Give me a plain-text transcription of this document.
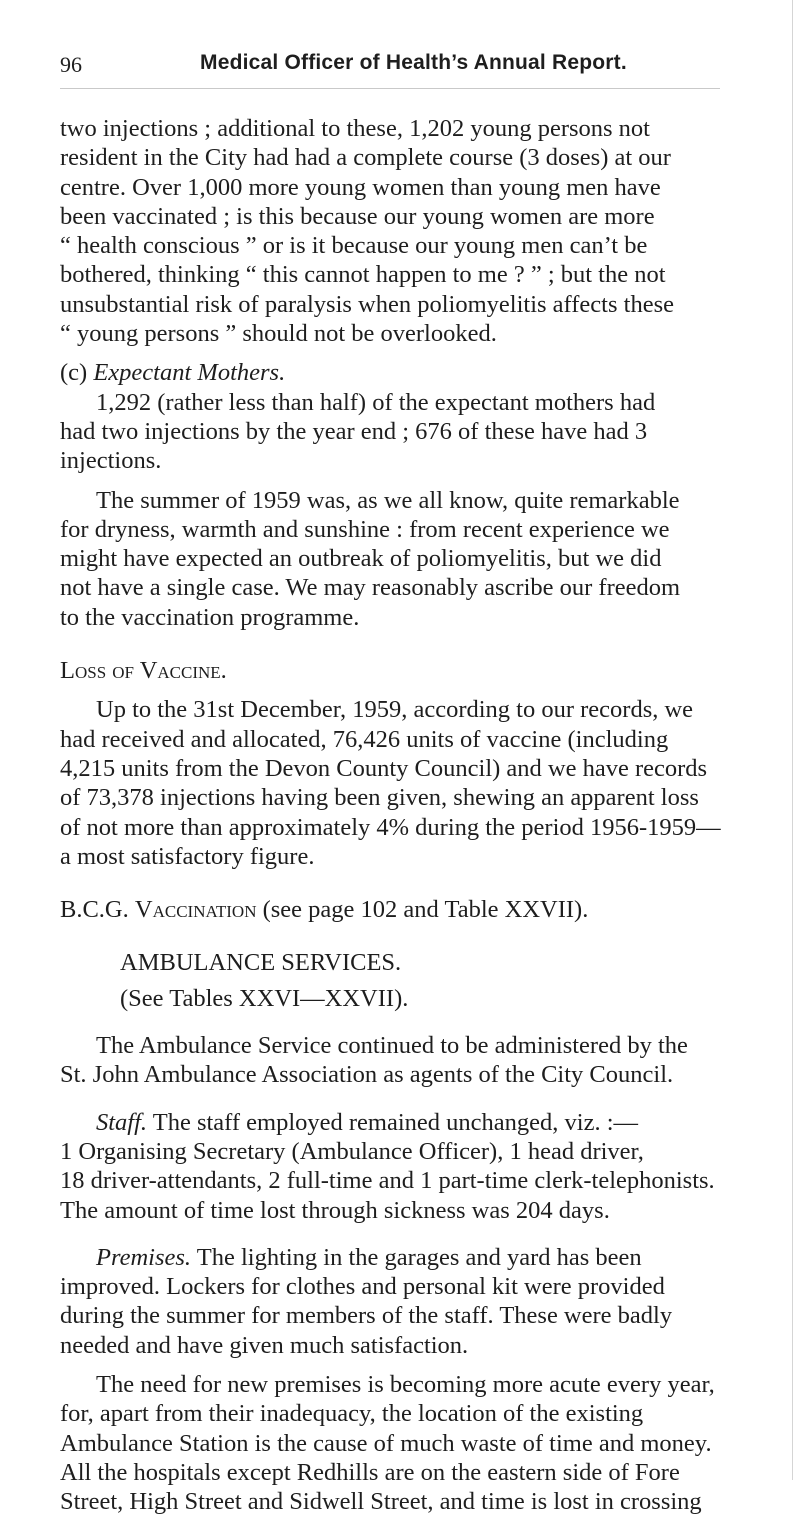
96	Medical Officer of Health’s Annual Report.

two injections ; additional to these, 1,202 young persons not

resident in the City had had a complete course (3 doses) at our

centre. Over 1,000 more young women than young men have

been vaccinated ; is this because our young women are more

“ health conscious ” or is it because our young men can’t be

bothered, thinking “ this cannot happen to me ? ” ; but the not

unsubstantial risk of paralysis when poliomyelitis affects these

“ young persons ” should not be overlooked.

(c) Expectant Mothers.

1,292 (rather less than half) of the expectant mothers had

had two injections by the year end ; 676 of these have had 3

injections.

The summer of 1959 was, as we all know, quite remarkable

for dryness, warmth and sunshine : from recent experience we

might have expected an outbreak of poliomyelitis, but we did

not have a single case. We may reasonably ascribe our freedom

to the vaccination programme.

Loss of Vaccine.

Up to the 31st December, 1959, according to our records, we

had received and allocated, 76,426 units of vaccine (including

4,215 units from the Devon County Council) and we have records

of 73,378 injections having been given, shewing an apparent loss

of not more than approximately 4% during the period 1956-1959—

a most satisfactory figure.

B.C.G. Vaccination (see page 102 and Table XXVII).

AMBULANCE SERVICES.

(See Tables XXVI—XXVII).

The Ambulance Service continued to be administered by the

St. John Ambulance Association as agents of the City Council.

Staff. The staff employed remained unchanged, viz. :—

1 Organising Secretary (Ambulance Officer), 1 head driver,

18 driver-attendants, 2 full-time and 1 part-time clerk-telephonists.

The amount of time lost through sickness was 204 days.

Premises. The lighting in the garages and yard has been

improved. Lockers for clothes and personal kit were provided

during the summer for members of the staff. These were badly

needed and have given much satisfaction.

The need for new premises is becoming more acute every year,

for, apart from their inadequacy, the location of the existing

Ambulance Station is the cause of much waste of time and money.

All the hospitals except Redhills are on the eastern side of Fore

Street, High Street and Sidwell Street, and time is lost in crossing
